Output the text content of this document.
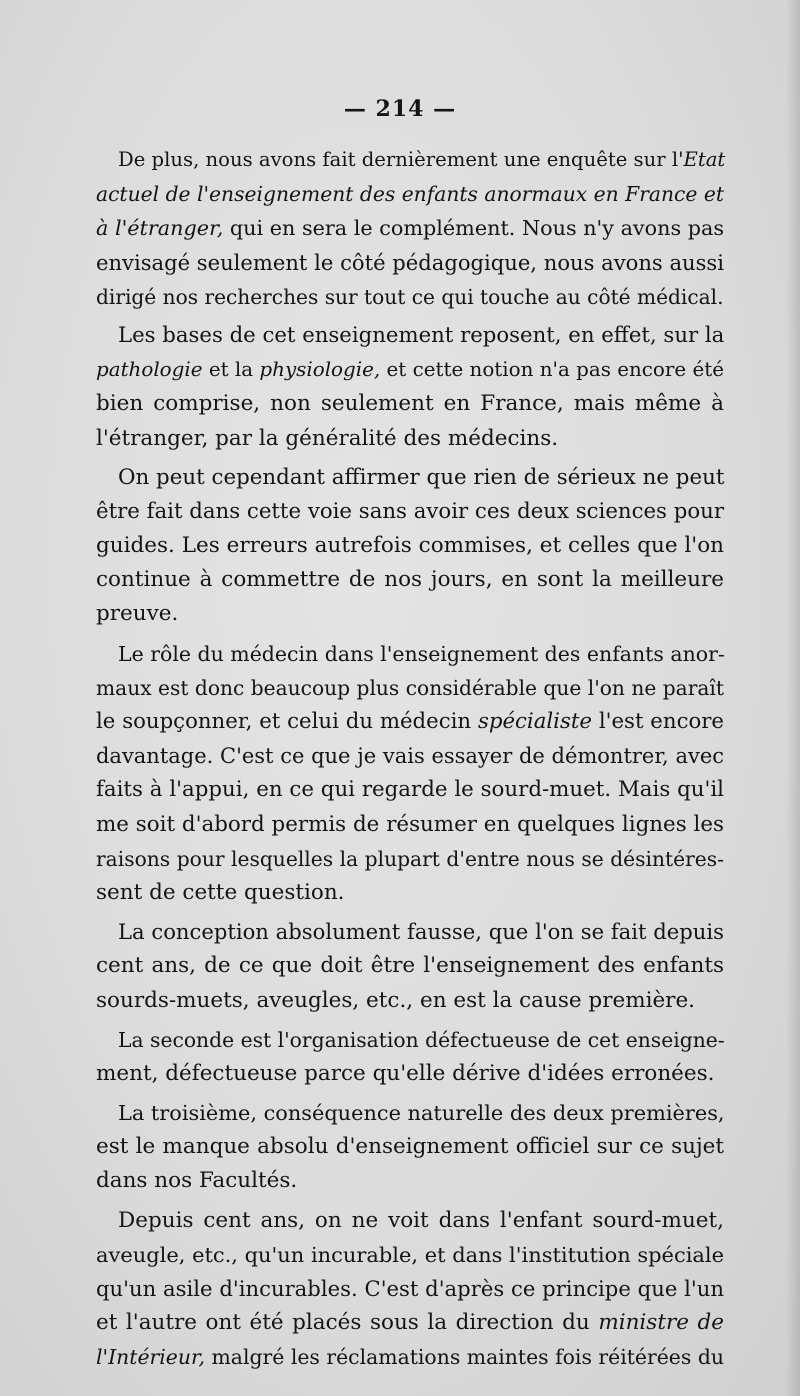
— 214 —
De plus, nous avons fait dernièrement une enquête sur l'Etat
actuel de l'enseignement des enfants anormaux en France et
à l'étranger, qui en sera le complément. Nous n'y avons pas
envisagé seulement le côté pédagogique, nous avons aussi
dirigé nos recherches sur tout ce qui touche au côté médical.
Les bases de cet enseignement reposent, en effet, sur la
pathologie et la physiologie, et cette notion n'a pas encore été
bien comprise, non seulement en France, mais même à
l'étranger, par la généralité des médecins.
On peut cependant affirmer que rien de sérieux ne peut
être fait dans cette voie sans avoir ces deux sciences pour
guides. Les erreurs autrefois commises, et celles que l'on
continue à commettre de nos jours, en sont la meilleure
preuve.
Le rôle du médecin dans l'enseignement des enfants anor-
maux est donc beaucoup plus considérable que l'on ne paraît
le soupçonner, et celui du médecin spécialiste l'est encore
davantage. C'est ce que je vais essayer de démontrer, avec
faits à l'appui, en ce qui regarde le sourd-muet. Mais qu'il
me soit d'abord permis de résumer en quelques lignes les
raisons pour lesquelles la plupart d'entre nous se désintéres-
sent de cette question.
La conception absolument fausse, que l'on se fait depuis
cent ans, de ce que doit être l'enseignement des enfants
sourds-muets, aveugles, etc., en est la cause première.
La seconde est l'organisation défectueuse de cet enseigne-
ment, défectueuse parce qu'elle dérive d'idées erronées.
La troisième, conséquence naturelle des deux premières,
est le manque absolu d'enseignement officiel sur ce sujet
dans nos Facultés.
Depuis cent ans, on ne voit dans l'enfant sourd-muet,
aveugle, etc., qu'un incurable, et dans l'institution spéciale
qu'un asile d'incurables. C'est d'après ce principe que l'un
et l'autre ont été placés sous la direction du ministre de
l'Intérieur, malgré les réclamations maintes fois réitérées du
